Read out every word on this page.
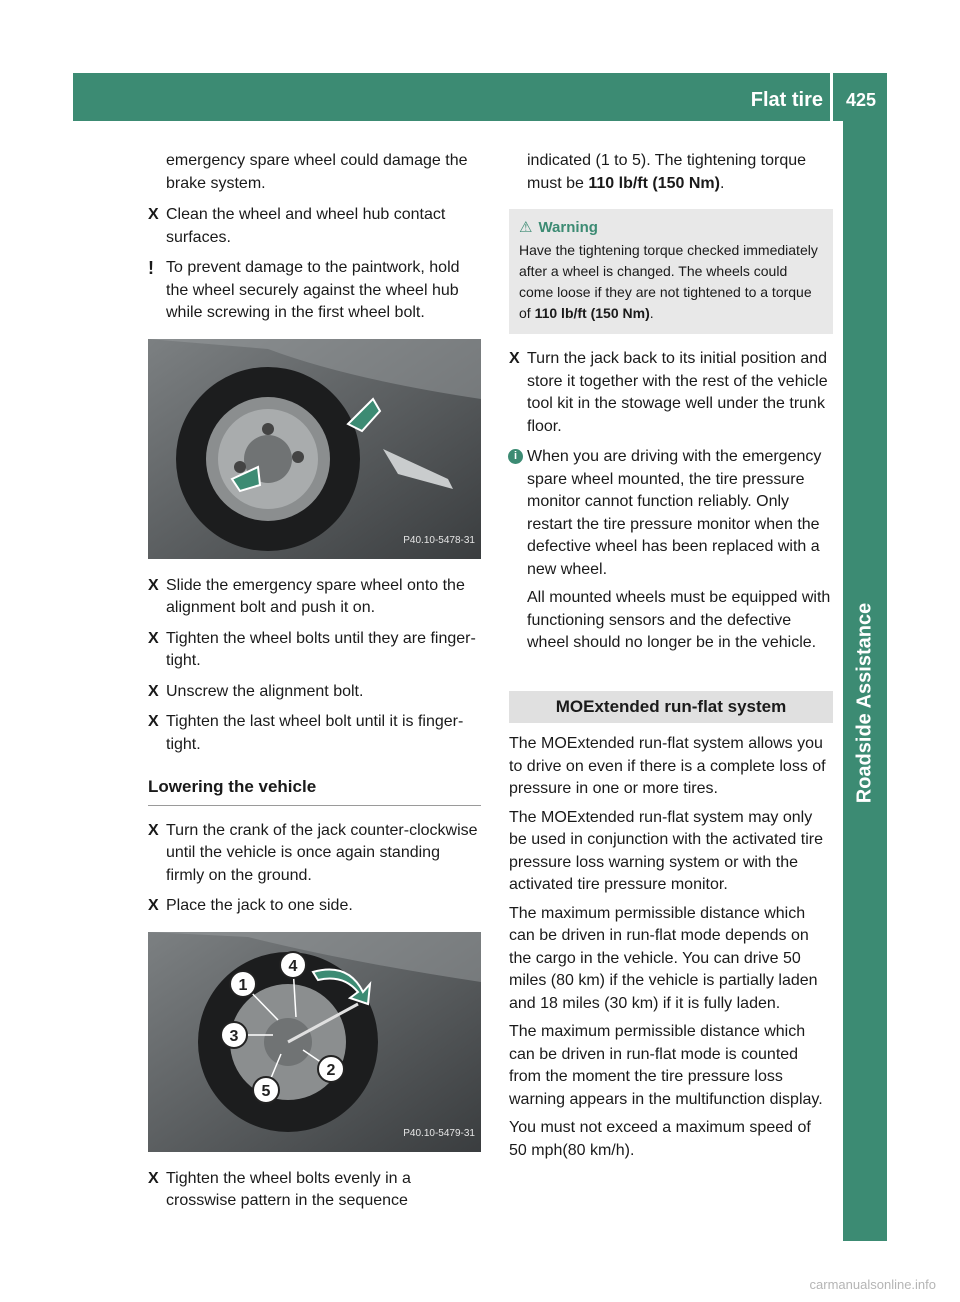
Flat tire	425
Roadside Assistance

emergency spare wheel could damage the

brake system.

X Clean the wheel and wheel hub contact surfaces.
! To prevent damage to the paintwork, hold the wheel securely against the wheel hub while screwing in the first wheel bolt.
P40.10-5478-31
X Slide the emergency spare wheel onto the alignment bolt and push it on.
X Tighten the wheel bolts until they are finger-tight.
X Unscrew the alignment bolt.
X Tighten the last wheel bolt until it is finger-tight.
Lowering the vehicle
X Turn the crank of the jack counter-clockwise until the vehicle is once again standing firmly on the ground.
X Place the jack to one side.
1
4
3
2
5
P40.10-5479-31
X Tighten the wheel bolts evenly in a crosswise pattern in the sequence

indicated (1 to 5). The tightening torque must be 110 lb/ft (150 Nm).

⚠ Warning

Have the tightening torque checked immediately after a wheel is changed. The wheels could come loose if they are not tightened to a torque of 110 lb/ft (150 Nm).

X Turn the jack back to its initial position and store it together with the rest of the vehicle tool kit in the stowage well under the trunk floor.
i When you are driving with the emergency spare wheel mounted, the tire pressure monitor cannot function reliably. Only restart the tire pressure monitor when the defective wheel has been replaced with a new wheel.

All mounted wheels must be equipped with functioning sensors and the defective wheel should no longer be in the vehicle.

MOExtended run-flat system

The MOExtended run-flat system allows you to drive on even if there is a complete loss of pressure in one or more tires.

The MOExtended run-flat system may only be used in conjunction with the activated tire pressure loss warning system or with the activated tire pressure monitor.

The maximum permissible distance which can be driven in run-flat mode depends on the cargo in the vehicle. You can drive 50 miles (80 km) if the vehicle is partially laden and 18 miles (30 km) if it is fully laden.

The maximum permissible distance which can be driven in run-flat mode is counted from the moment the tire pressure loss warning appears in the multifunction display.

You must not exceed a maximum speed of 50 mph(80 km/h).

carmanualsonline.info
